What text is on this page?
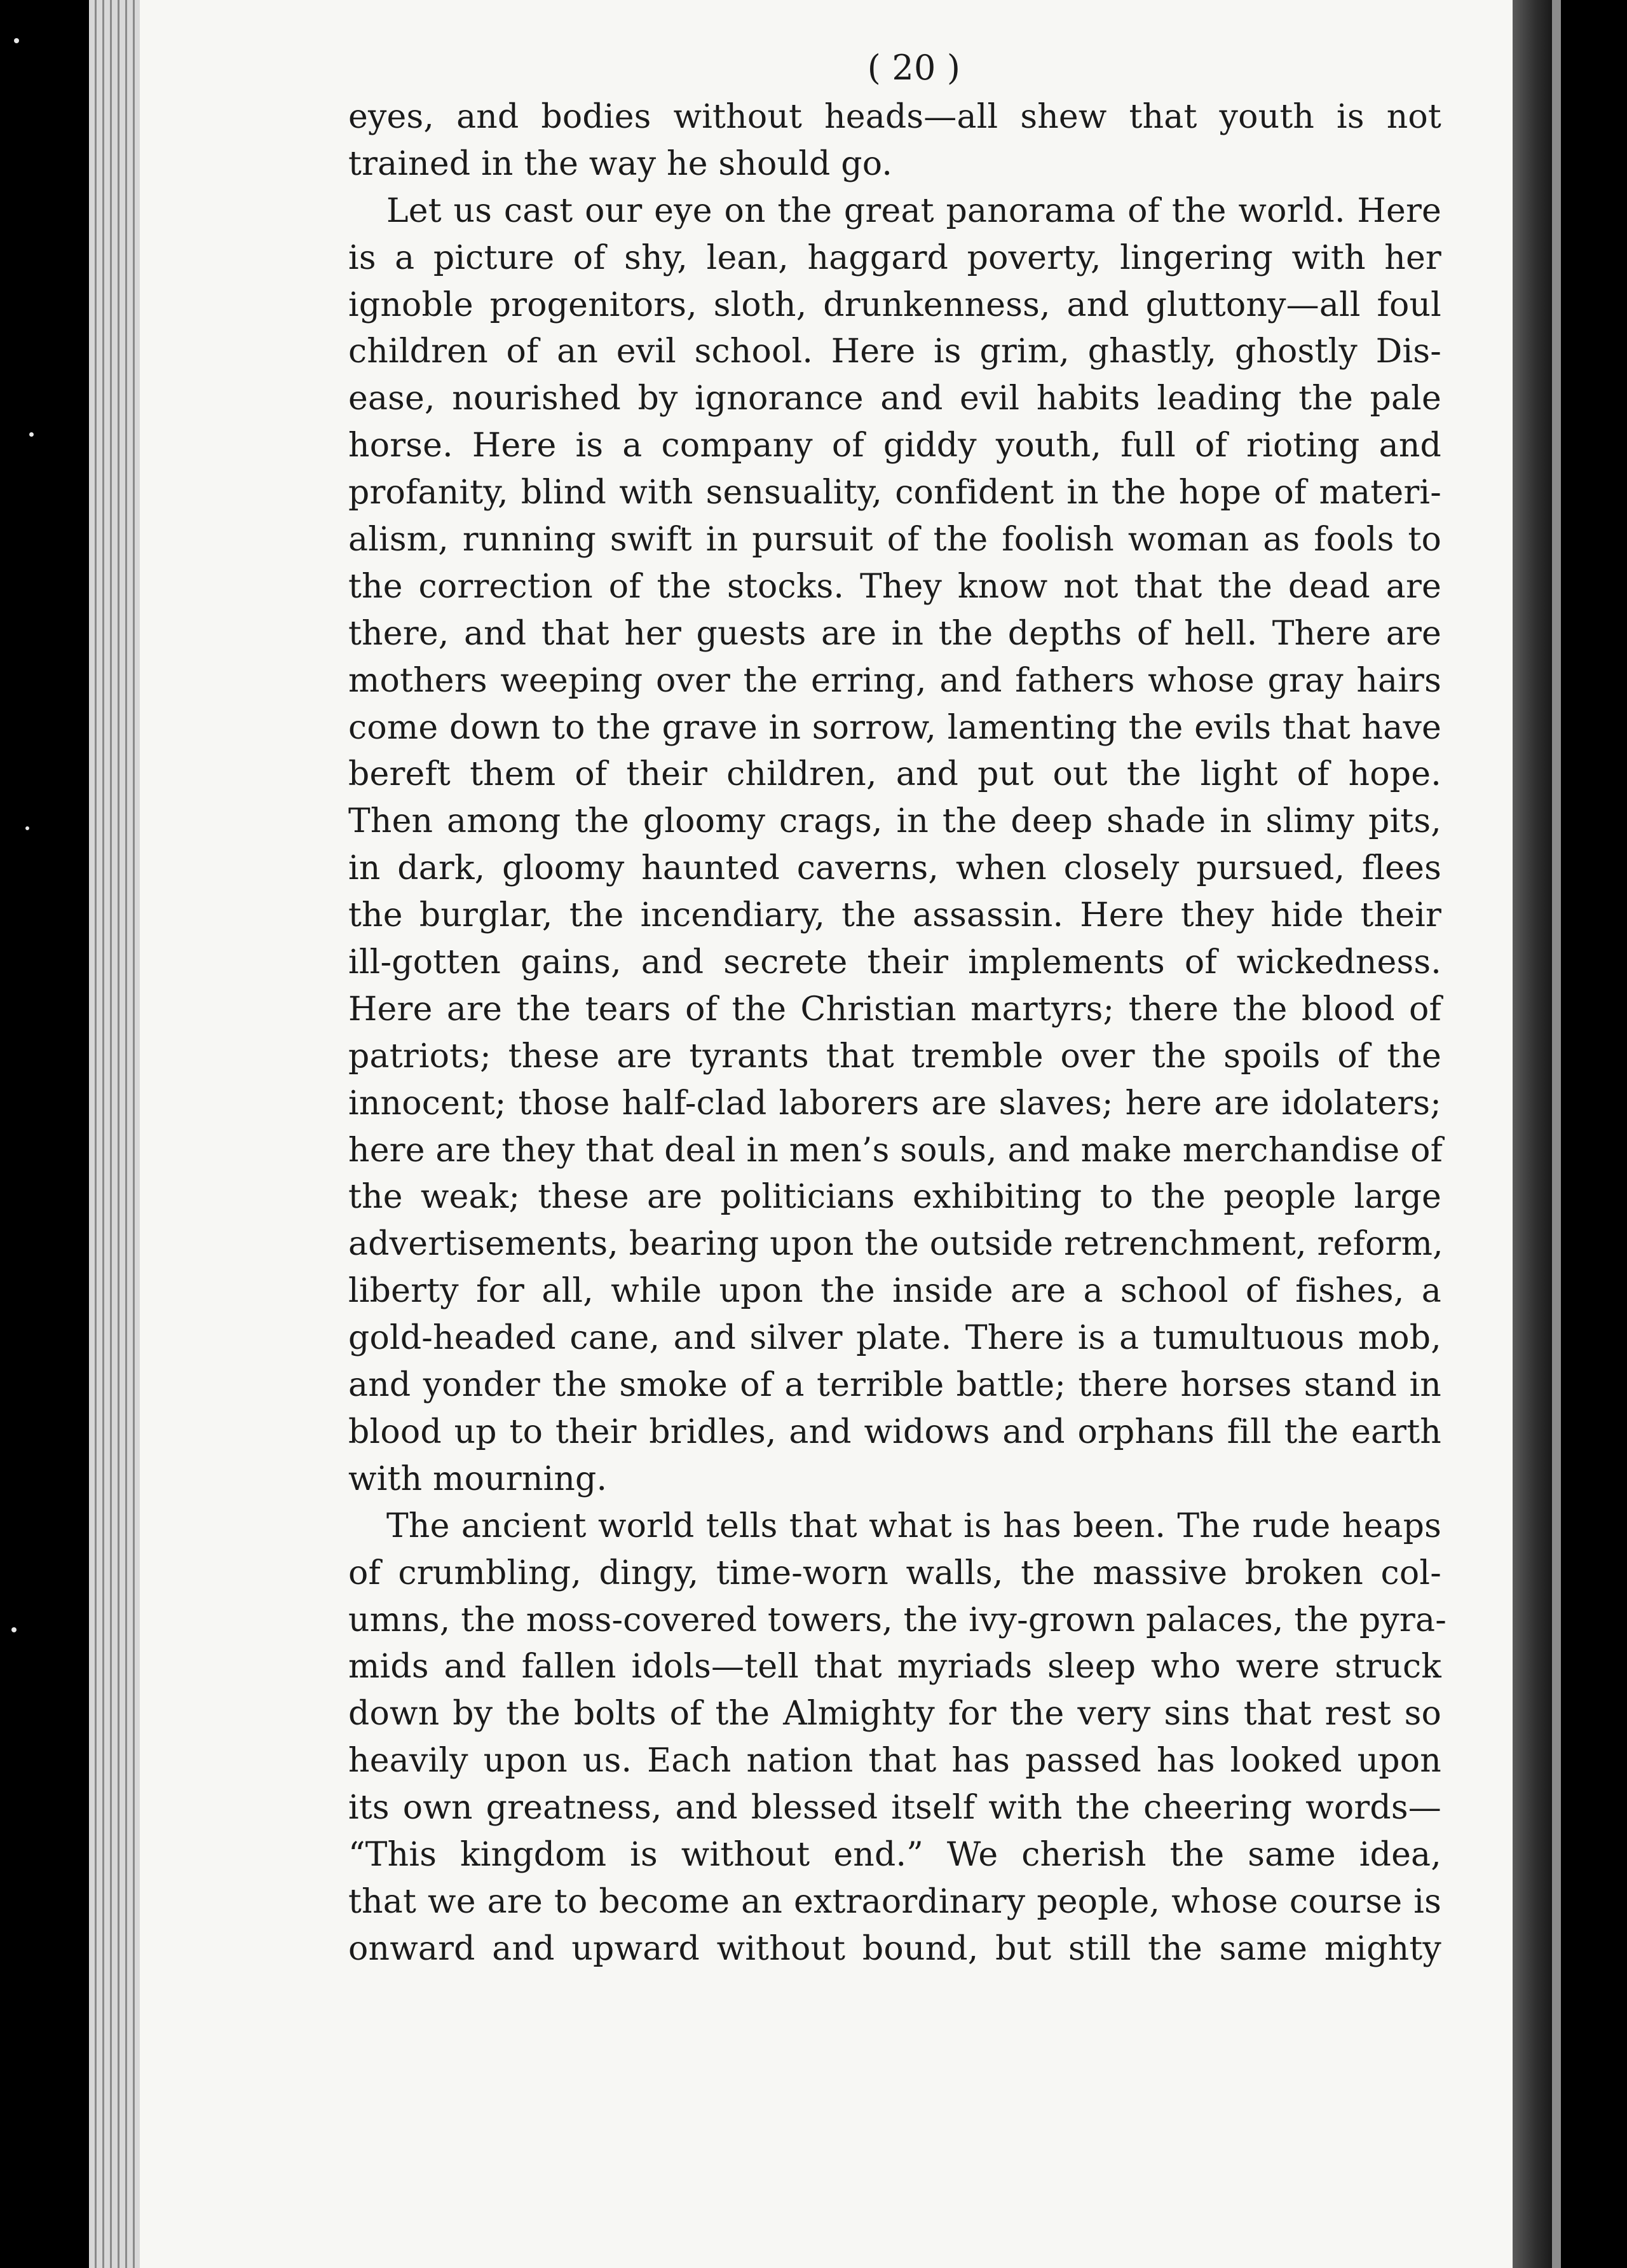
( 20 )
eyes, and bodies without heads—all shew that youth is not
trained in the way he should go.
Let us cast our eye on the great panorama of the world. Here
is a picture of shy, lean, haggard poverty, lingering with her
ignoble progenitors, sloth, drunkenness, and gluttony—all foul
children of an evil school. Here is grim, ghastly, ghostly Dis-
ease, nourished by ignorance and evil habits leading the pale
horse. Here is a company of giddy youth, full of rioting and
profanity, blind with sensuality, confident in the hope of materi-
alism, running swift in pursuit of the foolish woman as fools to
the correction of the stocks. They know not that the dead are
there, and that her guests are in the depths of hell. There are
mothers weeping over the erring, and fathers whose gray hairs
come down to the grave in sorrow, lamenting the evils that have
bereft them of their children, and put out the light of hope.
Then among the gloomy crags, in the deep shade in slimy pits,
in dark, gloomy haunted caverns, when closely pursued, flees
the burglar, the incendiary, the assassin. Here they hide their
ill-gotten gains, and secrete their implements of wickedness.
Here are the tears of the Christian martyrs; there the blood of
patriots; these are tyrants that tremble over the spoils of the
innocent; those half-clad laborers are slaves; here are idolaters;
here are they that deal in men’s souls, and make merchandise of
the weak; these are politicians exhibiting to the people large
advertisements, bearing upon the outside retrenchment, reform,
liberty for all, while upon the inside are a school of fishes, a
gold-headed cane, and silver plate. There is a tumultuous mob,
and yonder the smoke of a terrible battle; there horses stand in
blood up to their bridles, and widows and orphans fill the earth
with mourning.
The ancient world tells that what is has been. The rude heaps
of crumbling, dingy, time-worn walls, the massive broken col-
umns, the moss-covered towers, the ivy-grown palaces, the pyra-
mids and fallen idols—tell that myriads sleep who were struck
down by the bolts of the Almighty for the very sins that rest so
heavily upon us. Each nation that has passed has looked upon
its own greatness, and blessed itself with the cheering words—
“This kingdom is without end.” We cherish the same idea,
that we are to become an extraordinary people, whose course is
onward and upward without bound, but still the same mighty
